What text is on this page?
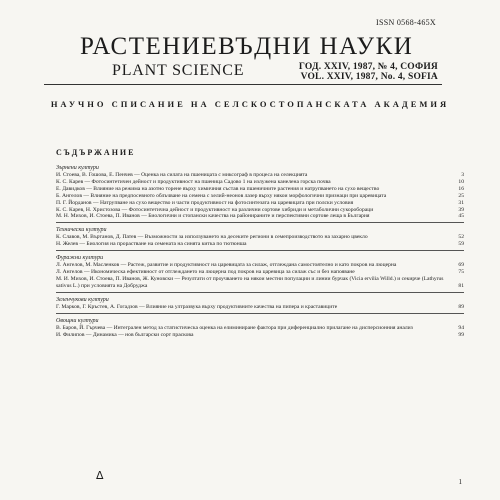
ISSN 0568-465X
РАСТЕНИЕВЪДНИ НАУКИ
PLANT SCIENCE	ГОД. XXIV, 1987, № 4, СОФИЯ
VOL. XXIV, 1987, No. 4, SOFIA
НАУЧНО СПИСАНИЕ НА СЕЛСКОСТОПАНСКАТА АКАДЕМИЯ
СЪДЪРЖАНИЕ
Зърнени култури
И. Стоева, В. Гошова, Е. Пенчев — Оценка на силата на пшеницата с миксограф в процеса на селекцията	3
К. С. Карев — Фотосинтетичен дейност и продуктивност на пшеница Садово 1 на излужена канелена горска почва	10
Е. Давидков — Влияние на режима на азотно торене върху химичния състав на пшеничните растения и натрупването на сухо вещество	16
Б. Ангелов — Влияние на предпосевното облъчване на семена с хелий-неонов лазер върху някои морфологични признаци при царевицата	25
П. Г. Йорданов — Натрупване на сухо вещество и части продуктивност на фотосинтезата на царевицата при полски условия	31
К. С. Карев, Н. Христозова — Фотосинтетична дейност и продуктивност на различни сортове хибриди и метаболични сукоробораци	39
М. Н. Михов, И. Стоева, П. Иванов — Биологични и стопански качества на районираните и перспективни сортове леща в България	45
Технически култури
К. Славов, М. Въртанов, Д. Патев — Възможности за използуването на десеките региони в семепроизводството на захарно цвекло	52
Н. Желев — Биология на прорастване на семената на синята китка по тютюнша	59
Фуражни култури
Л. Ангелов, М. Масленков — Растеж, развитие и продуктивност на царевицата за силаж, отглеждана самостоятелно и като покров на люцерна	69
Л. Ангелов — Икономическа ефективност от отглеждането на люцерна под покров на царевица за силаж със и без напояване	75
М. И. Михов, И. Стоева, П. Иванов, Ж. Куновски — Резултати от проучването на някои местни популации и линии бурчак (Vicia ervilia Willd.) и секирче (Lathyrus sativus L.) при условията на Добруджа	81
Зеленчукови култури
Г. Марков, Г. Кръстев, А. Гогадзов — Влияние на ултразвука върху продуктивните качества на пипера и краставиците	89
Овощни култури
В. Баров, Й. Гърчева — Интегрален метод за статистическа оценка на елиминиране фактора при диференциално прилагане на дисперсионния анализ	94
И. Филипов — Динамика — нов български сорт праскова	99
ⵠ	1
